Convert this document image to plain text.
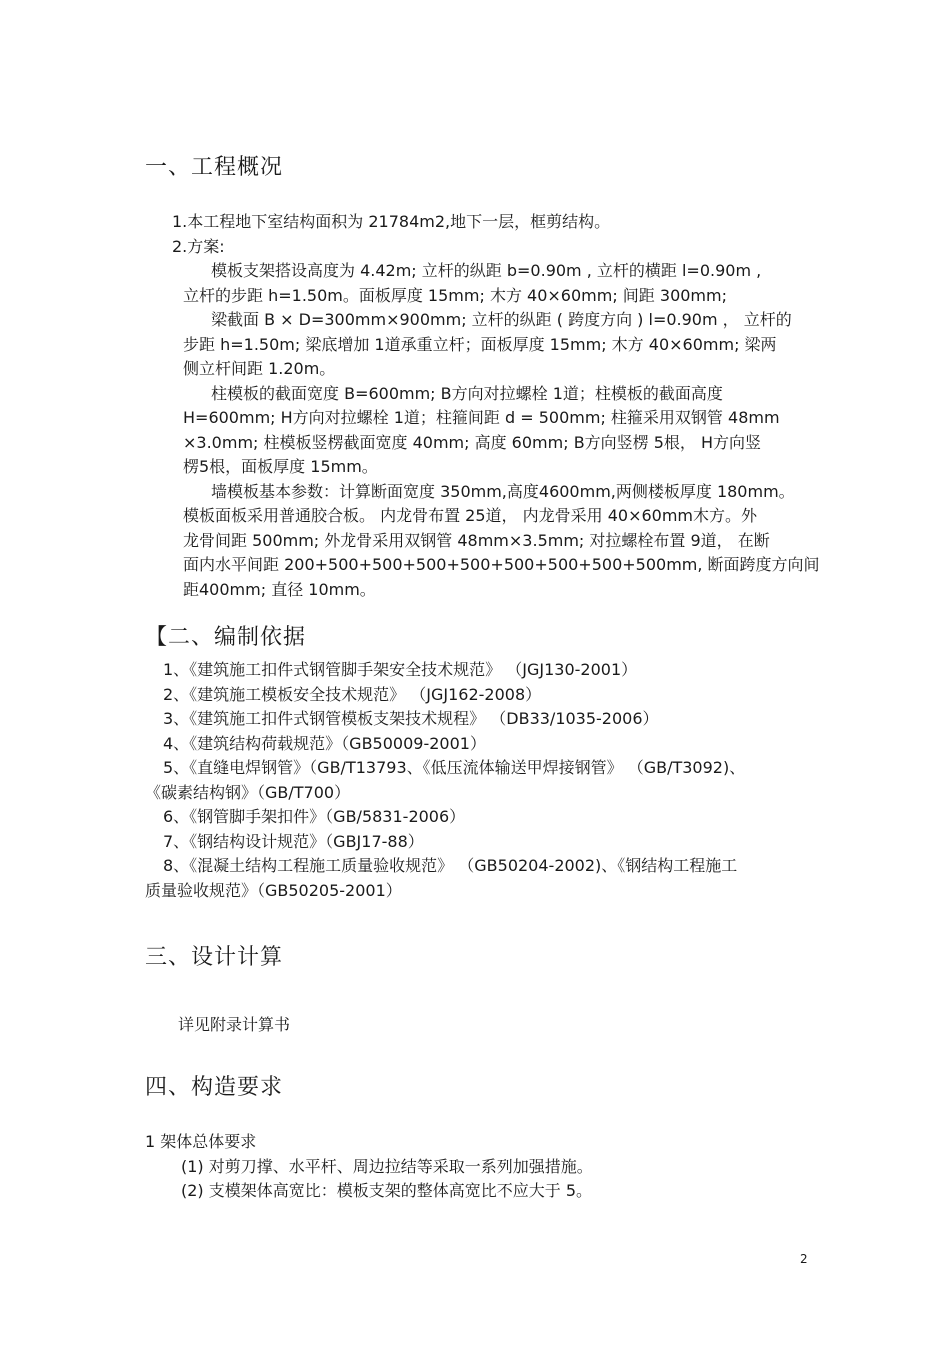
一、工程概况
1.本工程地下室结构面积为 21784m2,地下一层，框剪结构。
2.方案:
模板支架搭设高度为 4.42m; 立杆的纵距 b=0.90m , 立杆的横距 l=0.90m ,
立杆的步距 h=1.50m。面板厚度 15mm; 木方 40×60mm; 间距 300mm;
梁截面 B × D=300mm×900mm; 立杆的纵距 ( 跨度方向 ) l=0.90m ， 立杆的
步距 h=1.50m; 梁底增加 1道承重立杆；面板厚度 15mm; 木方 40×60mm; 梁两
侧立杆间距 1.20m。
柱模板的截面宽度 B=600mm; B方向对拉螺栓 1道；柱模板的截面高度
H=600mm; H方向对拉螺栓 1道；柱箍间距 d = 500mm; 柱箍采用双钢管 48mm
×3.0mm; 柱模板竖楞截面宽度 40mm; 高度 60mm; B方向竖楞 5根， H方向竖
楞5根，面板厚度 15mm。
墙模板基本参数：计算断面宽度 350mm,高度4600mm,两侧楼板厚度 180mm。
模板面板采用普通胶合板。 内龙骨布置 25道， 内龙骨采用 40×60mm木方。外
龙骨间距 500mm; 外龙骨采用双钢管 48mm×3.5mm; 对拉螺栓布置 9道， 在断
面内水平间距 200+500+500+500+500+500+500+500+500mm, 断面跨度方向间
距400mm; 直径 10mm。
【二、编制依据
1、《建筑施工扣件式钢管脚手架安全技术规范》 （JGJ130-2001）
2、《建筑施工模板安全技术规范》 （JGJ162-2008）
3、《建筑施工扣件式钢管模板支架技术规程》 （DB33/1035-2006）
4、《建筑结构荷载规范》（GB50009-2001）
5、《直缝电焊钢管》（GB/T13793、《低压流体输送甲焊接钢管》 （GB/T3092)、
《碳素结构钢》（GB/T700）
6、《钢管脚手架扣件》（GB/5831-2006）
7、《钢结构设计规范》（GBJ17-88）
8、《混凝土结构工程施工质量验收规范》 （GB50204-2002)、《钢结构工程施工
质量验收规范》（GB50205-2001）
三、设计计算
详见附录计算书
四、构造要求
1 架体总体要求
(1) 对剪刀撑、水平杆、周边拉结等采取一系列加强措施。
(2) 支模架体高宽比：模板支架的整体高宽比不应大于 5。
2
